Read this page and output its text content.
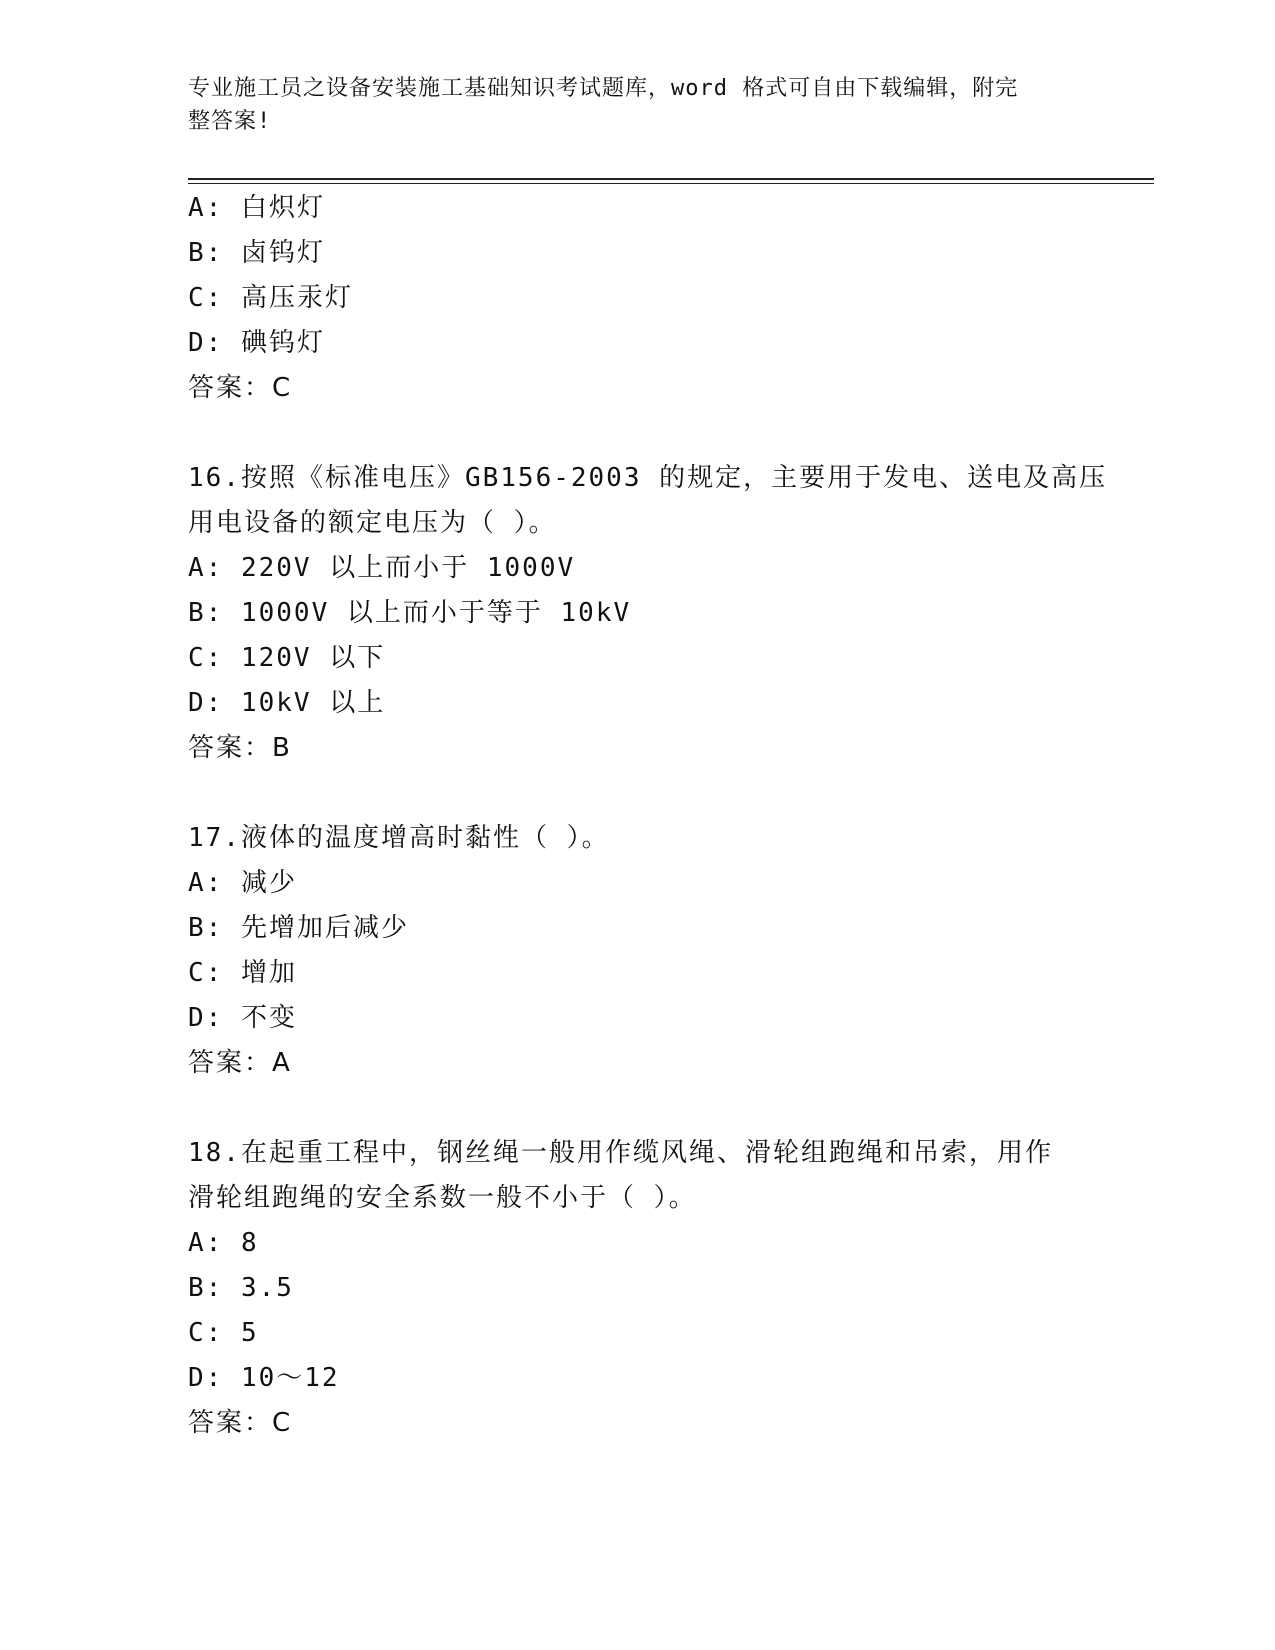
专业施工员之设备安装施工基础知识考试题库，word 格式可自由下载编辑，附完
整答案!
A: 白炽灯
B: 卤钨灯
C: 高压汞灯
D: 碘钨灯
答案：C
16.按照《标准电压》GB156-2003 的规定，主要用于发电、送电及高压
用电设备的额定电压为（ ）。
A: 220V 以上而小于 1000V
B: 1000V 以上而小于等于 10kV
C: 120V 以下
D: 10kV 以上
答案：B
17.液体的温度增高时黏性（ ）。
A: 减少
B: 先增加后减少
C: 增加
D: 不变
答案：A
18.在起重工程中，钢丝绳一般用作缆风绳、滑轮组跑绳和吊索，用作
滑轮组跑绳的安全系数一般不小于（ ）。
A: 8
B: 3.5
C: 5
D: 10～12
答案：C
